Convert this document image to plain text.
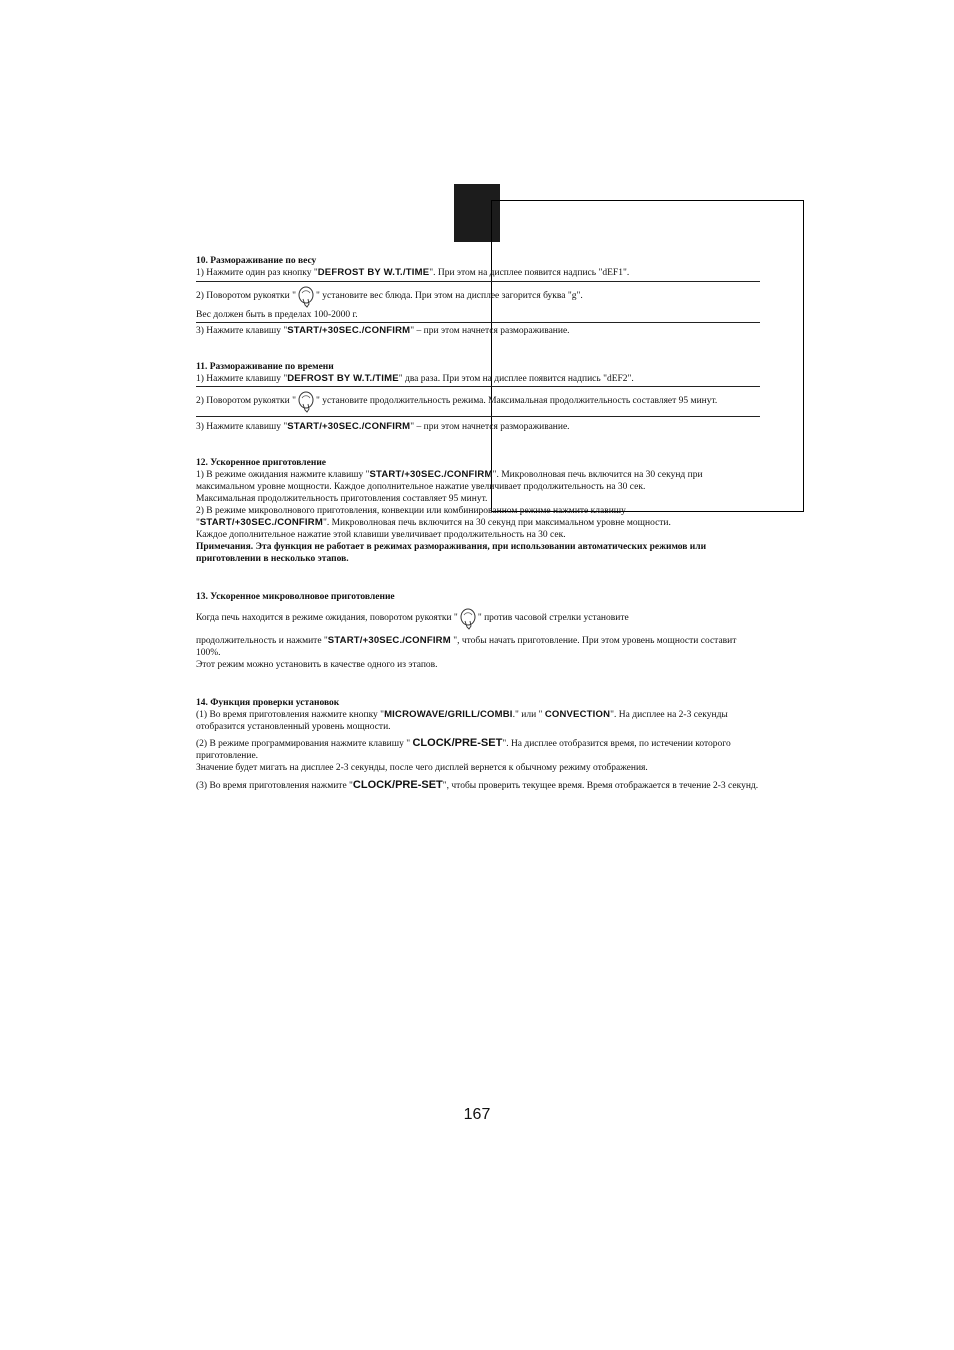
10. Размораживание по весу

1) Нажмите один раз кнопку "DEFROST BY W.T./TIME". При этом на дисплее появится надпись "dEF1".

2) Поворотом рукоятки " " установите вес блюда. При этом на дисплее загорится буква "g".

Вес должен быть в пределах 100-2000 г.

3) Нажмите клавишу "START/+30SEC./CONFIRM" – при этом начнется размораживание.

11. Размораживание по времени

1) Нажмите клавишу "DEFROST BY W.T./TIME" два раза. При этом на дисплее появится надпись "dEF2".

2) Поворотом рукоятки " " установите продолжительность режима. Максимальная продолжительность составляет 95 минут.

3) Нажмите клавишу "START/+30SEC./CONFIRM" – при этом начнется размораживание.

12. Ускоренное приготовление

1) В режиме ожидания нажмите клавишу "START/+30SEC./CONFIRM". Микроволновая печь включится на 30 секунд при максимальном уровне мощности. Каждое дополнительное нажатие увеличивает продолжительность на 30 сек.

Максимальная продолжительность приготовления составляет 95 минут.

2) В режиме микроволнового приготовления, конвекции или комбинированном режиме нажмите клавишу

"START/+30SEC./CONFIRM". Микроволновая печь включится на 30 секунд при максимальном уровне мощности.

Каждое дополнительное нажатие этой клавиши увеличивает продолжительность на 30 сек.

Примечания. Эта функция не работает в режимах размораживания, при использовании автоматических режимов или приготовлении в несколько этапов.

13. Ускоренное микроволновое приготовление

Когда печь находится в режиме ожидания, поворотом рукоятки " " против часовой стрелки установите

продолжительность и нажмите "START/+30SEC./CONFIRM ", чтобы начать приготовление. При этом уровень мощности составит 100%.

Этот режим можно установить в качестве одного из этапов.

14. Функция проверки установок

(1) Во время приготовления нажмите кнопку "MICROWAVE/GRILL/COMBI." или " CONVECTION". На дисплее на 2-3 секунды отобразится установленный уровень мощности.

(2) В режиме программирования нажмите клавишу " CLOCK/PRE-SET". На дисплее отобразится время, по истечении которого приготовление.

Значение будет мигать на дисплее 2-3 секунды, после чего дисплей вернется к обычному режиму отображения.

(3) Во время приготовления нажмите "CLOCK/PRE-SET", чтобы проверить текущее время. Время отображается в течение 2-3 секунд.

167
